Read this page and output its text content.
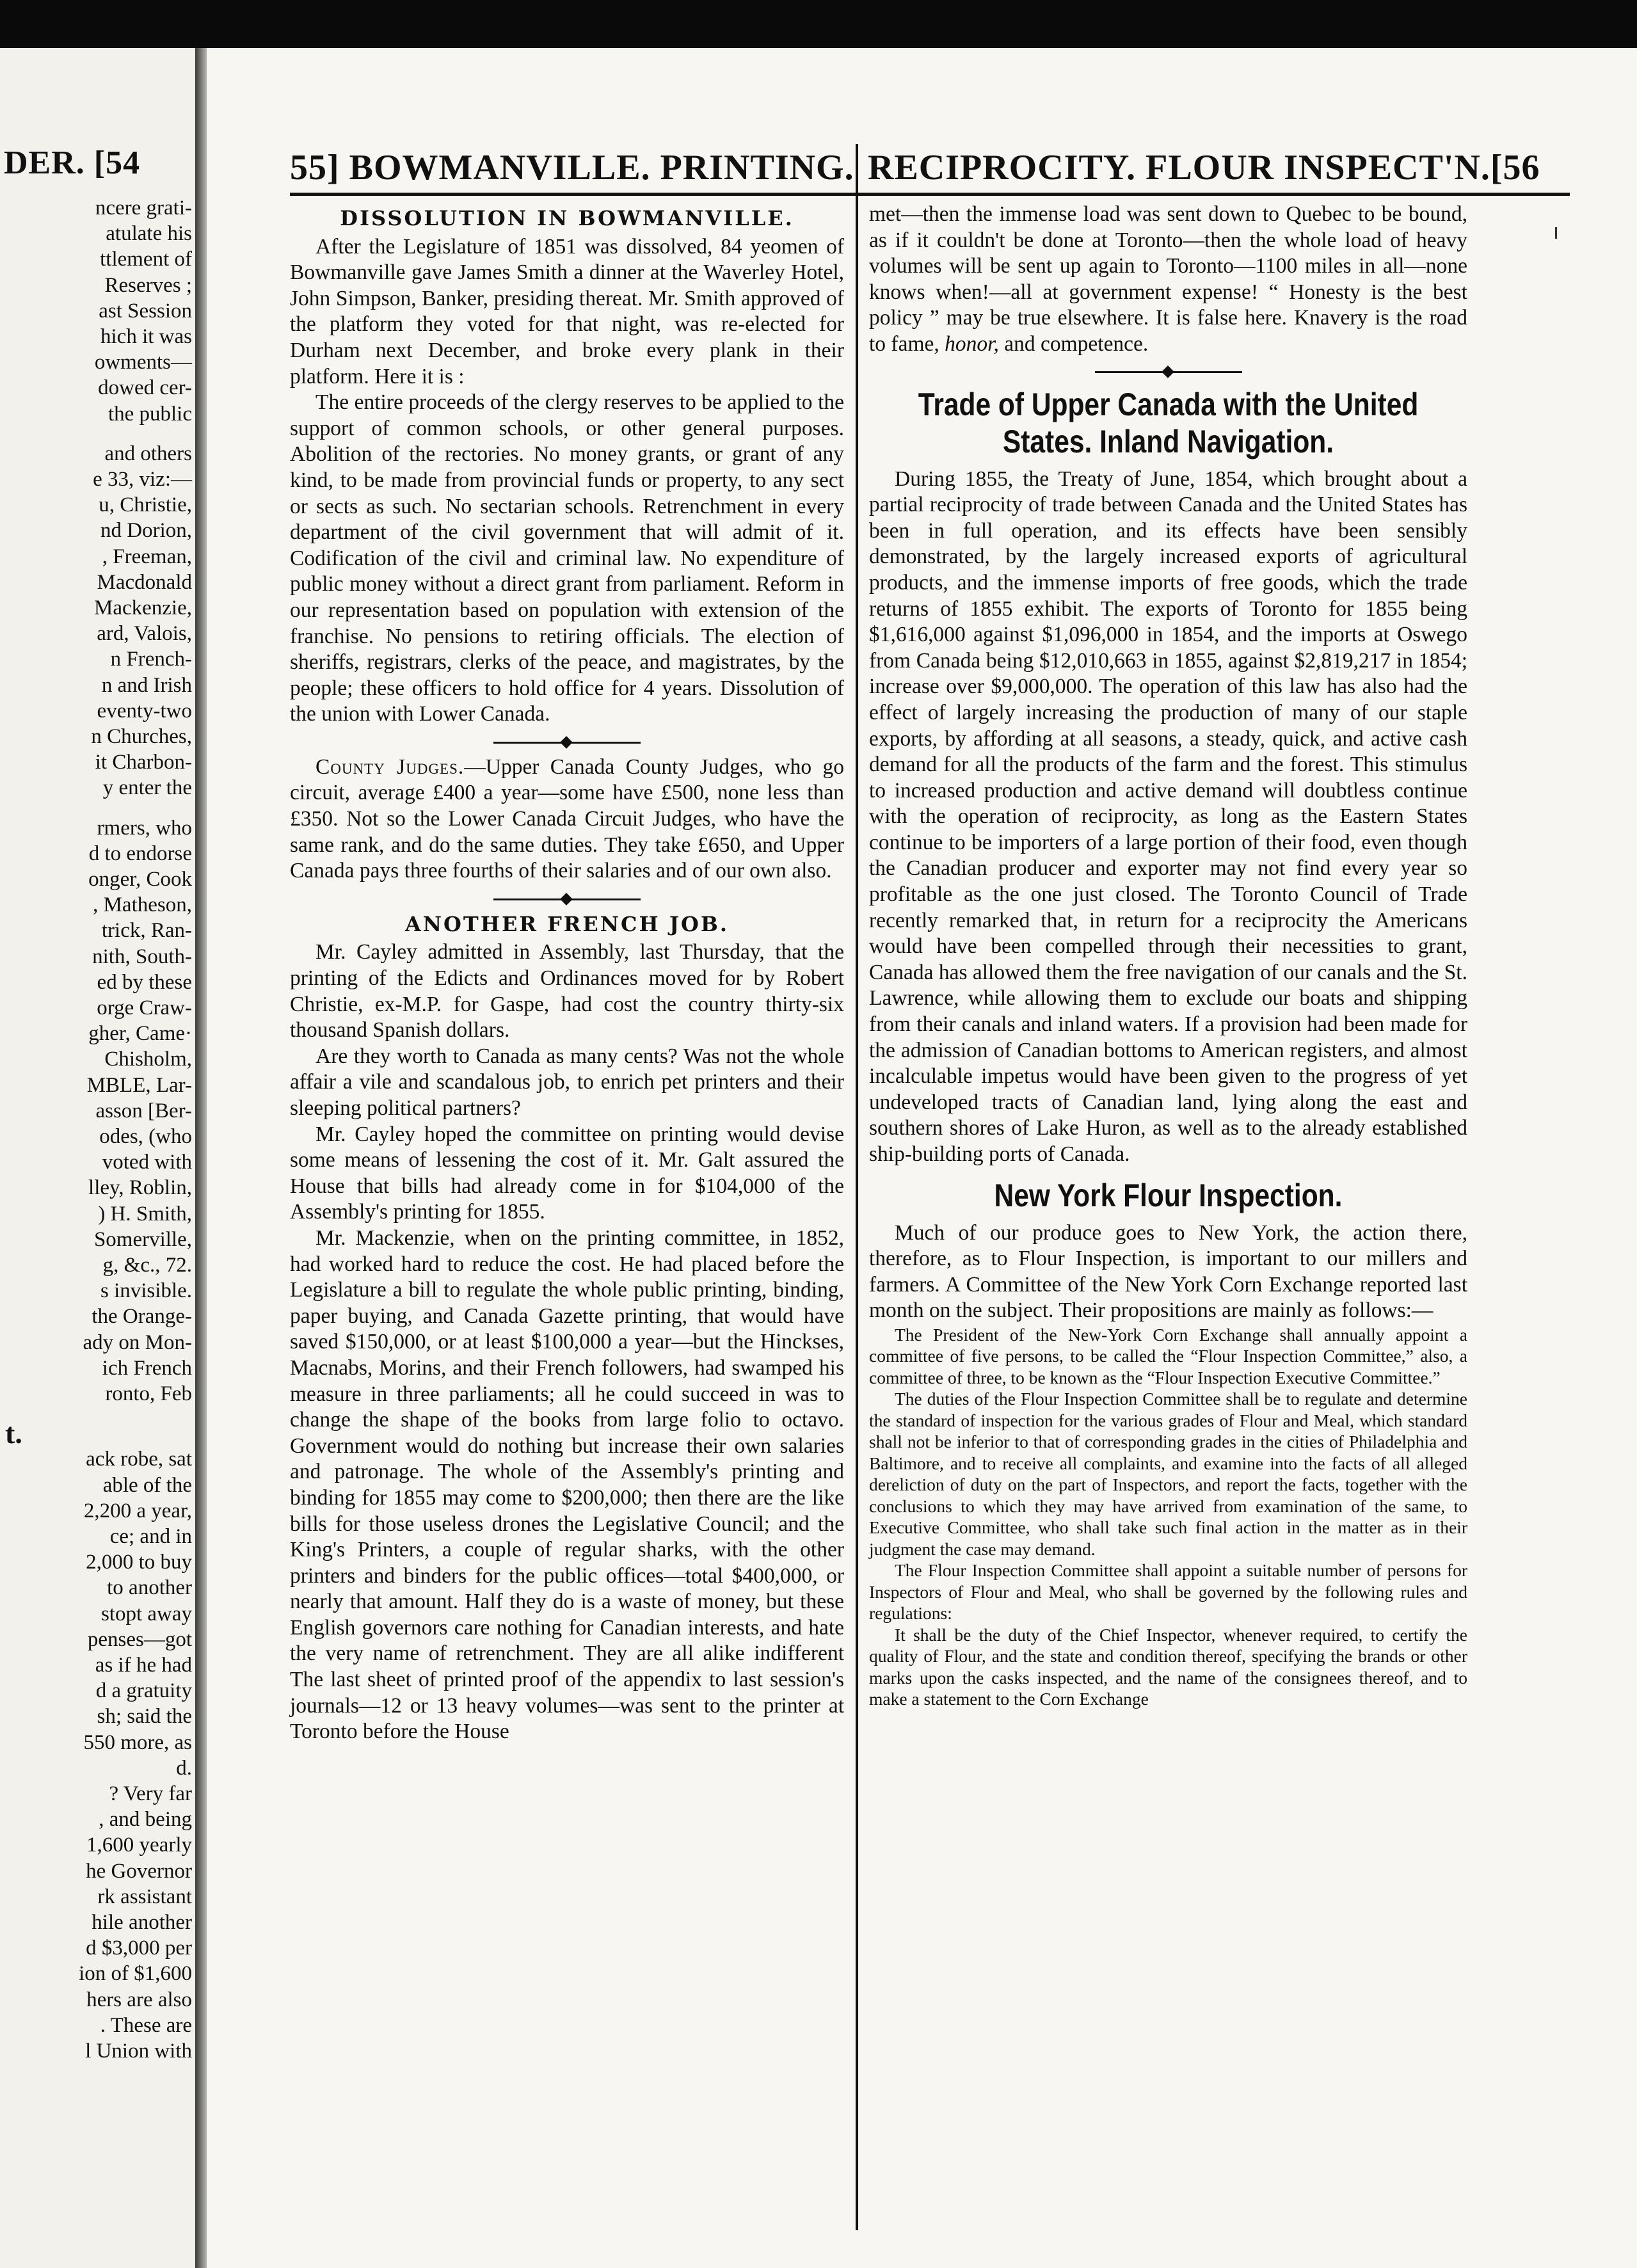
DER. [54
ncere grati-
atulate his
ttlement of
Reserves ;
ast Session
hich it was
owments—
dowed cer-
the public
and others
e 33, viz:—
u, Christie,
nd Dorion,
, Freeman,
Macdonald
Mackenzie,
ard, Valois,
n French-
n and Irish
eventy-two
n Churches,
it Charbon-
y enter the
rmers, who
d to endorse
onger, Cook
, Matheson,
trick, Ran-
nith, South-
ed by these
orge Craw-
gher, Came·
Chisholm,
MBLE, Lar-
asson [Ber-
odes, (who
voted with
lley, Roblin,
) H. Smith,
Somerville,
g, &c., 72.
s invisible.
the Orange-
ady on Mon-
ich French
ronto, Feb
t.
ack robe, sat
able of the
2,200 a year,
ce; and in
2,000 to buy
to another
stopt away
penses—got
as if he had
d a gratuity
sh; said the
550 more, as
d.
? Very far
, and being
1,600 yearly
he Governor
rk assistant
hile another
d $3,000 per
ion of $1,600
hers are also
. These are
l Union with
55] BOWMANVILLE. PRINTING. RECIPROCITY. FLOUR INSPECT'N.[56
DISSOLUTION IN BOWMANVILLE.

After the Legislature of 1851 was dissolved, 84 yeomen of Bowmanville gave James Smith a dinner at the Waverley Hotel, John Simpson, Banker, presiding thereat. Mr. Smith approved of the platform they voted for that night, was re-elected for Durham next December, and broke every plank in their platform. Here it is :

The entire proceeds of the clergy reserves to be applied to the support of common schools, or other general purposes. Abolition of the rectories. No money grants, or grant of any kind, to be made from provincial funds or property, to any sect or sects as such. No sectarian schools. Retrenchment in every department of the civil government that will admit of it. Codification of the civil and criminal law. No expenditure of public money without a direct grant from parliament. Reform in our representation based on population with extension of the franchise. No pensions to retiring officials. The election of sheriffs, registrars, clerks of the peace, and magistrates, by the people; these officers to hold office for 4 years. Dissolution of the union with Lower Canada.

County Judges.—Upper Canada County Judges, who go circuit, average £400 a year—some have £500, none less than £350. Not so the Lower Canada Circuit Judges, who have the same rank, and do the same duties. They take £650, and Upper Canada pays three fourths of their salaries and of our own also.

ANOTHER FRENCH JOB.

Mr. Cayley admitted in Assembly, last Thursday, that the printing of the Edicts and Ordinances moved for by Robert Christie, ex-M.P. for Gaspe, had cost the country thirty-six thousand Spanish dollars.

Are they worth to Canada as many cents? Was not the whole affair a vile and scandalous job, to enrich pet printers and their sleeping political partners?

Mr. Cayley hoped the committee on printing would devise some means of lessening the cost of it. Mr. Galt assured the House that bills had already come in for $104,000 of the Assembly's printing for 1855.

Mr. Mackenzie, when on the printing committee, in 1852, had worked hard to reduce the cost. He had placed before the Legislature a bill to regulate the whole public printing, binding, paper buying, and Canada Gazette printing, that would have saved $150,000, or at least $100,000 a year—but the Hinckses, Macnabs, Morins, and their French followers, had swamped his measure in three parliaments; all he could succeed in was to change the shape of the books from large folio to octavo. Government would do nothing but increase their own salaries and patronage. The whole of the Assembly's printing and binding for 1855 may come to $200,000; then there are the like bills for those useless drones the Legislative Council; and the King's Printers, a couple of regular sharks, with the other printers and binders for the public offices—total $400,000, or nearly that amount. Half they do is a waste of money, but these English governors care nothing for Canadian interests, and hate the very name of retrenchment. They are all alike indifferent The last sheet of printed proof of the appendix to last session's journals—12 or 13 heavy volumes—was sent to the printer at Toronto before the House

met—then the immense load was sent down to Quebec to be bound, as if it couldn't be done at Toronto—then the whole load of heavy volumes will be sent up again to Toronto—1100 miles in all—none knows when!—all at government expense! “ Honesty is the best policy ” may be true elsewhere. It is false here. Knavery is the road to fame, honor, and competence.

Trade of Upper Canada with the United States. Inland Navigation.

During 1855, the Treaty of June, 1854, which brought about a partial reciprocity of trade between Canada and the United States has been in full operation, and its effects have been sensibly demonstrated, by the largely increased exports of agricultural products, and the immense imports of free goods, which the trade returns of 1855 exhibit. The exports of Toronto for 1855 being $1,616,000 against $1,096,000 in 1854, and the imports at Oswego from Canada being $12,010,663 in 1855, against $2,819,217 in 1854; increase over $9,000,000. The operation of this law has also had the effect of largely increasing the production of many of our staple exports, by affording at all seasons, a steady, quick, and active cash demand for all the products of the farm and the forest. This stimulus to increased production and active demand will doubtless continue with the operation of reciprocity, as long as the Eastern States continue to be importers of a large portion of their food, even though the Canadian producer and exporter may not find every year so profitable as the one just closed. The Toronto Council of Trade recently remarked that, in return for a reciprocity the Americans would have been compelled through their necessities to grant, Canada has allowed them the free navigation of our canals and the St. Lawrence, while allowing them to exclude our boats and shipping from their canals and inland waters. If a provision had been made for the admission of Canadian bottoms to American registers, and almost incalculable impetus would have been given to the progress of yet undeveloped tracts of Canadian land, lying along the east and southern shores of Lake Huron, as well as to the already established ship-building ports of Canada.

New York Flour Inspection.

Much of our produce goes to New York, the action there, therefore, as to Flour Inspection, is important to our millers and farmers. A Committee of the New York Corn Exchange reported last month on the subject. Their propositions are mainly as follows:—

The President of the New-York Corn Exchange shall annually appoint a committee of five persons, to be called the “Flour Inspection Committee,” also, a committee of three, to be known as the “Flour Inspection Executive Committee.”

The duties of the Flour Inspection Committee shall be to regulate and determine the standard of inspection for the various grades of Flour and Meal, which standard shall not be inferior to that of corresponding grades in the cities of Philadelphia and Baltimore, and to receive all complaints, and examine into the facts of all alleged dereliction of duty on the part of Inspectors, and report the facts, together with the conclusions to which they may have arrived from examination of the same, to Executive Committee, who shall take such final action in the matter as in their judgment the case may demand.

The Flour Inspection Committee shall appoint a suitable number of persons for Inspectors of Flour and Meal, who shall be governed by the following rules and regulations:

It shall be the duty of the Chief Inspector, whenever required, to certify the quality of Flour, and the state and condition thereof, specifying the brands or other marks upon the casks inspected, and the name of the consignees thereof, and to make a statement to the Corn Exchange
